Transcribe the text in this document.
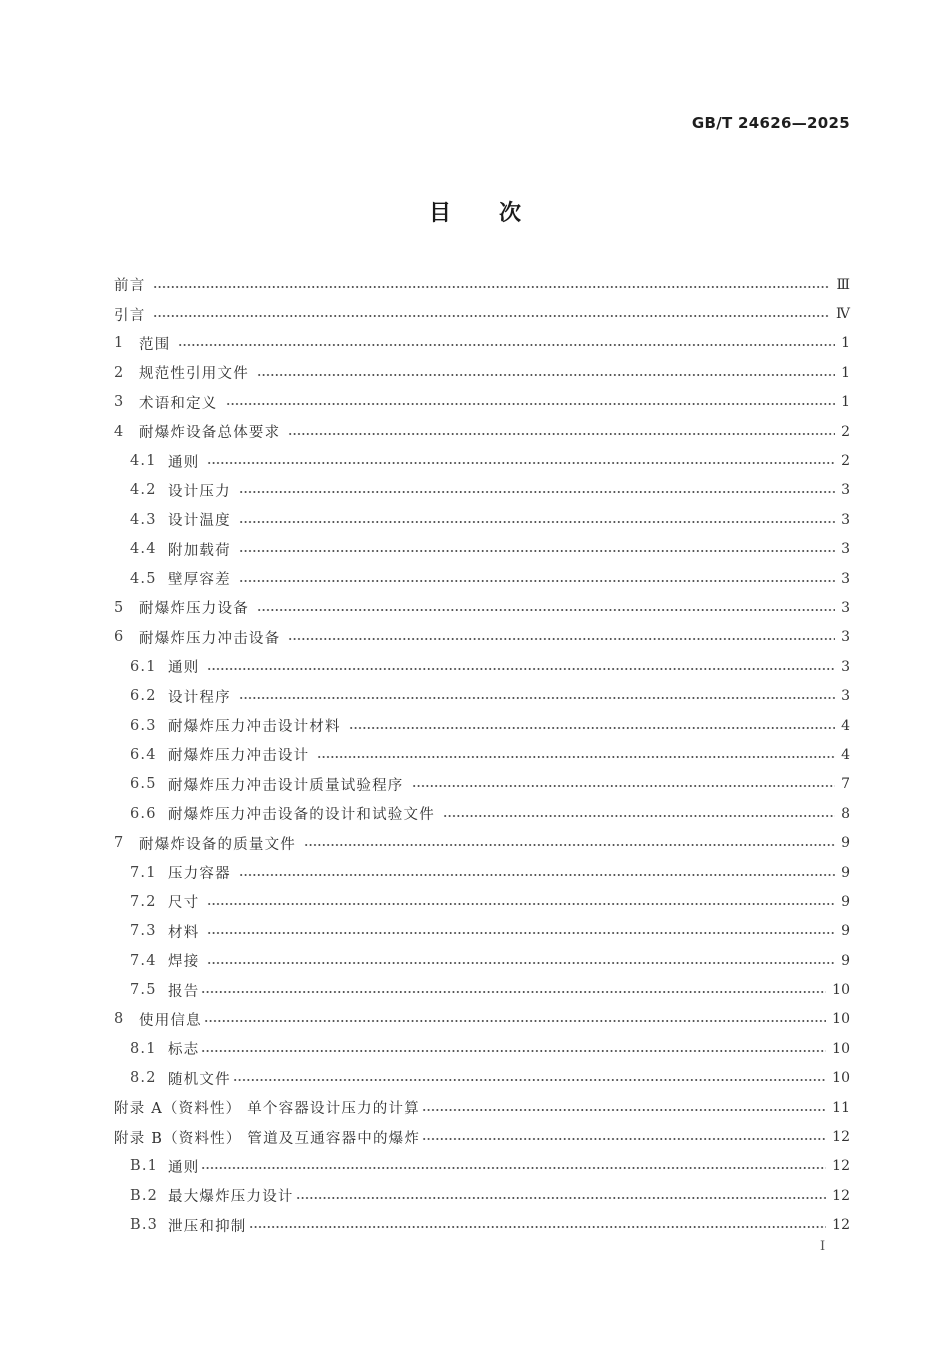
GB/T 24626—2025
目 次
前言	Ⅲ
引言	Ⅳ
1	范围	1
2	规范性引用文件	1
3	术语和定义	1
4	耐爆炸设备总体要求	2
4.1 通则	2
4.2 设计压力	3
4.3 设计温度	3
4.4 附加载荷	3
4.5 壁厚容差	3
5	耐爆炸压力设备	3
6	耐爆炸压力冲击设备	3
6.1 通则	3
6.2 设计程序	3
6.3 耐爆炸压力冲击设计材料	4
6.4 耐爆炸压力冲击设计	4
6.5 耐爆炸压力冲击设计质量试验程序	7
6.6 耐爆炸压力冲击设备的设计和试验文件	8
7	耐爆炸设备的质量文件	9
7.1 压力容器	9
7.2 尺寸	9
7.3 材料	9
7.4 焊接	9
7.5 报告	10
8	使用信息	10
8.1 标志	10
8.2 随机文件	10
附录 A（资料性） 单个容器设计压力的计算	11
附录 B（资料性） 管道及互通容器中的爆炸	12
B.1 通则	12
B.2 最大爆炸压力设计	12
B.3 泄压和抑制	12
I
